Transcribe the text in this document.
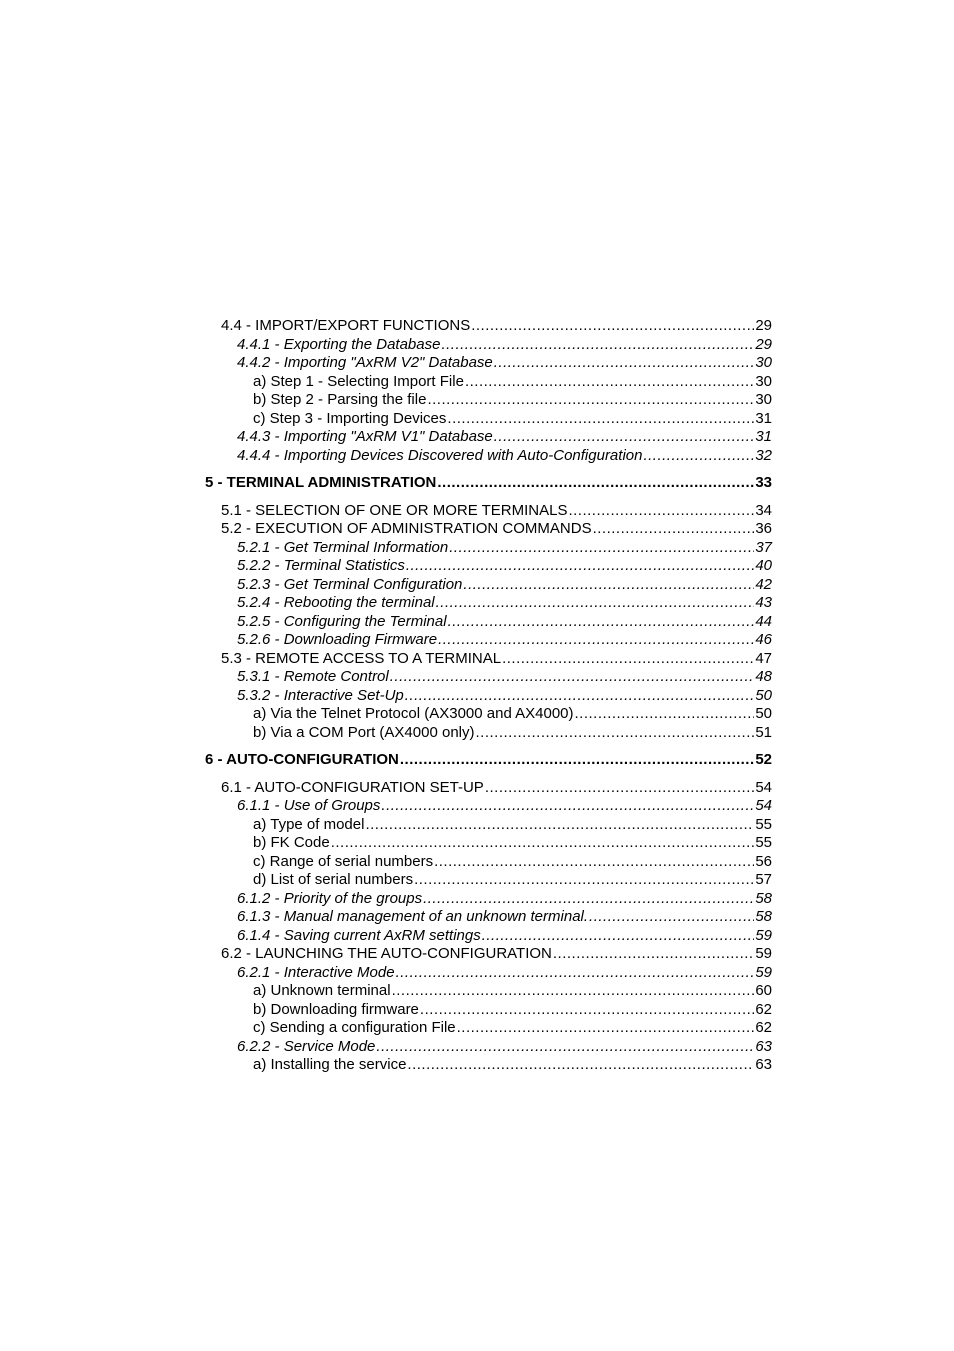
4.4 - IMPORT/EXPORT FUNCTIONS .....	29
4.4.1 - Exporting the Database .....	29
4.4.2 - Importing "AxRM V2" Database .....	30
a) Step 1 - Selecting Import File .....	30
b) Step 2 - Parsing the file .....	30
c) Step 3 - Importing Devices .....	31
4.4.3 - Importing "AxRM V1" Database .....	31
4.4.4 - Importing Devices Discovered with Auto-Configuration .....	32
5 - TERMINAL ADMINISTRATION .....	33
5.1 - SELECTION OF ONE OR MORE TERMINALS .....	34
5.2 - EXECUTION OF ADMINISTRATION COMMANDS .....	36
5.2.1 - Get Terminal Information .....	37
5.2.2 - Terminal Statistics .....	40
5.2.3 - Get Terminal Configuration .....	42
5.2.4 - Rebooting the terminal .....	43
5.2.5 - Configuring the Terminal .....	44
5.2.6 - Downloading Firmware .....	46
5.3 - REMOTE ACCESS TO A TERMINAL .....	47
5.3.1 - Remote Control .....	48
5.3.2 - Interactive Set-Up .....	50
a) Via the Telnet Protocol (AX3000 and AX4000) .....	50
b) Via a COM Port (AX4000 only) .....	51
6 - AUTO-CONFIGURATION .....	52
6.1 - AUTO-CONFIGURATION SET-UP .....	54
6.1.1 - Use of Groups .....	54
a) Type of model .....	55
b) FK Code .....	55
c) Range of serial numbers .....	56
d) List of serial numbers .....	57
6.1.2 - Priority of the groups .....	58
6.1.3 - Manual management of an unknown terminal. .....	58
6.1.4 - Saving current AxRM settings .....	59
6.2 - LAUNCHING THE AUTO-CONFIGURATION .....	59
6.2.1 - Interactive Mode .....	59
a) Unknown terminal .....	60
b) Downloading firmware .....	62
c) Sending a configuration File .....	62
6.2.2 - Service Mode .....	63
a) Installing the service .....	63
